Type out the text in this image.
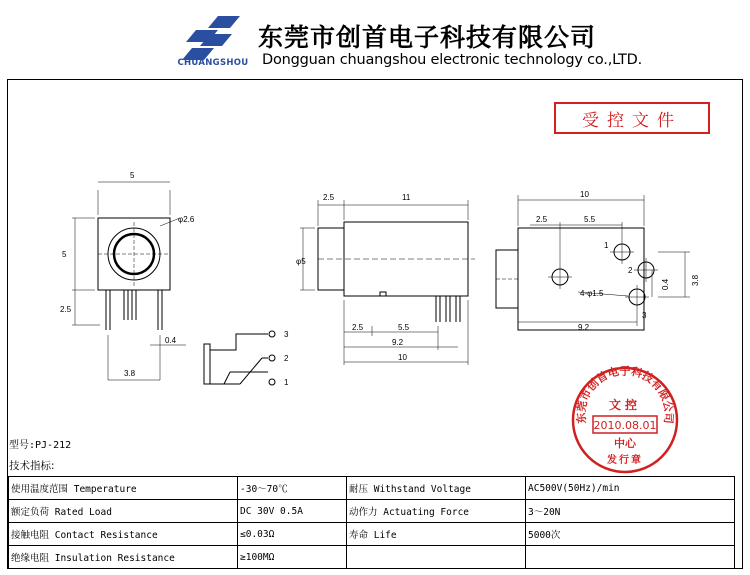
CHUANGSHOU
东莞市创首电子科技有限公司
Dongguan chuangshou electronic technology co.,LTD.
受控文件
5
5
φ2.6
2.5
0.4
3.8
3
2
1
2.5	11
φ5
2.5	5.5
9.2
10
10
2.5	5.5
4-φ1.5
9.2
1
2
3
0.4	3.8
东莞市创首电子科技有限公司
文控
2010.08.01
中心
发行章
型号:PJ-212
技术指标:
使用温度范围 Temperature	-30～70℃	耐压 Withstand Voltage	AC500V(50Hz)/min
额定负荷 Rated Load	DC 30V 0.5A	动作力 Actuating Force	3～20N
接触电阻 Contact Resistance	≤0.03Ω	寿命 Life	5000次
绝缘电阻 Insulation Resistance	≥100MΩ		
